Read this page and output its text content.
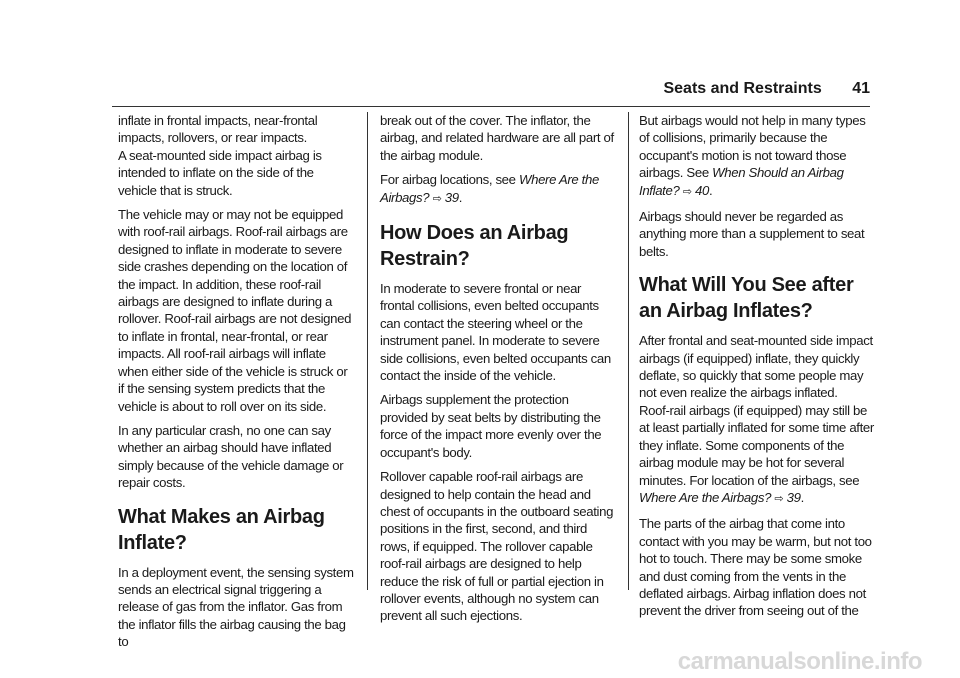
Seats and Restraints 41

inflate in frontal impacts, near-frontal impacts, rollovers, or rear impacts.

A seat-mounted side impact airbag is intended to inflate on the side of the vehicle that is struck.

The vehicle may or may not be equipped with roof-rail airbags. Roof-rail airbags are designed to inflate in moderate to severe side crashes depending on the location of the impact. In addition, these roof-rail airbags are designed to inflate during a rollover. Roof-rail airbags are not designed to inflate in frontal, near-frontal, or rear impacts. All roof-rail airbags will inflate when either side of the vehicle is struck or if the sensing system predicts that the vehicle is about to roll over on its side.

In any particular crash, no one can say whether an airbag should have inflated simply because of the vehicle damage or repair costs.

What Makes an Airbag Inflate?

In a deployment event, the sensing system sends an electrical signal triggering a release of gas from the inflator. Gas from the inflator fills the airbag causing the bag to

break out of the cover. The inflator, the airbag, and related hardware are all part of the airbag module.

For airbag locations, see Where Are the Airbags? ⇨ 39.

How Does an Airbag Restrain?

In moderate to severe frontal or near frontal collisions, even belted occupants can contact the steering wheel or the instrument panel. In moderate to severe side collisions, even belted occupants can contact the inside of the vehicle.

Airbags supplement the protection provided by seat belts by distributing the force of the impact more evenly over the occupant's body.

Rollover capable roof-rail airbags are designed to help contain the head and chest of occupants in the outboard seating positions in the first, second, and third rows, if equipped. The rollover capable roof-rail airbags are designed to help reduce the risk of full or partial ejection in rollover events, although no system can prevent all such ejections.

But airbags would not help in many types of collisions, primarily because the occupant's motion is not toward those airbags. See When Should an Airbag Inflate? ⇨ 40.

Airbags should never be regarded as anything more than a supplement to seat belts.

What Will You See after an Airbag Inflates?

After frontal and seat-mounted side impact airbags (if equipped) inflate, they quickly deflate, so quickly that some people may not even realize the airbags inflated.

Roof-rail airbags (if equipped) may still be at least partially inflated for some time after they inflate. Some components of the airbag module may be hot for several minutes. For location of the airbags, see Where Are the Airbags? ⇨ 39.

The parts of the airbag that come into contact with you may be warm, but not too hot to touch. There may be some smoke and dust coming from the vents in the deflated airbags. Airbag inflation does not prevent the driver from seeing out of the

carmanualsonline.info
